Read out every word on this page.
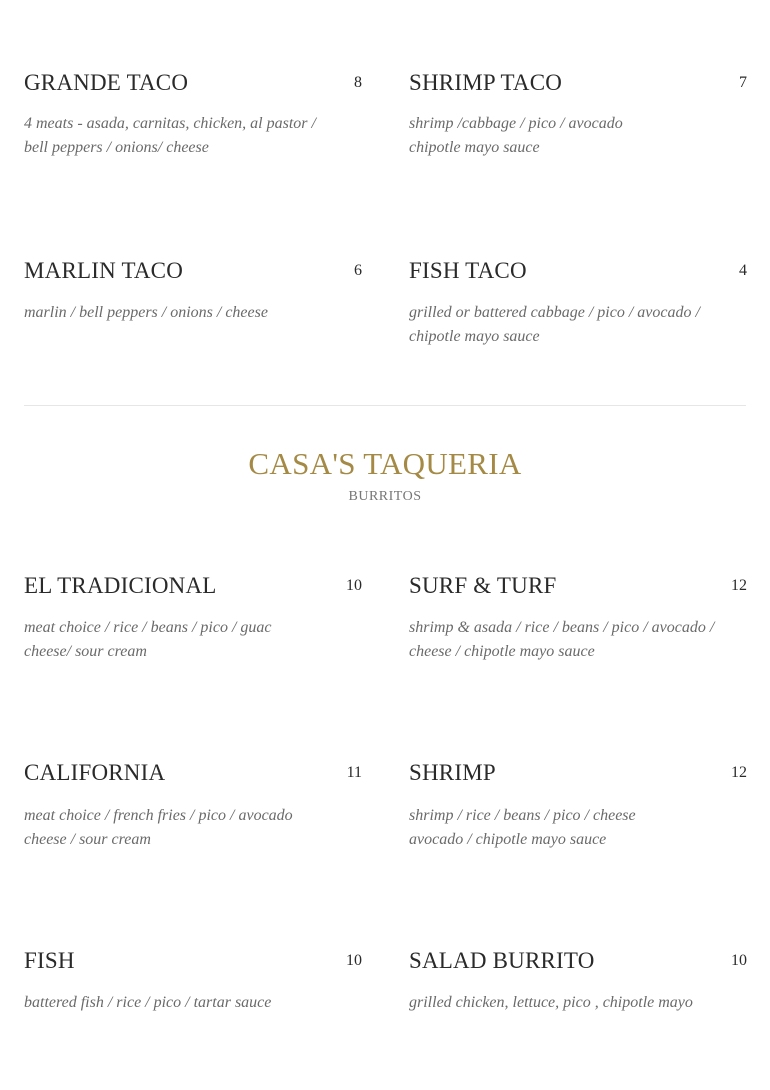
GRANDE TACO	8
4 meats - asada, carnitas, chicken, al pastor /
bell peppers / onions/ cheese
SHRIMP TACO	7
shrimp /cabbage / pico / avocado
chipotle mayo sauce
MARLIN TACO	6
marlin / bell peppers / onions / cheese
FISH TACO	4
grilled or battered cabbage / pico / avocado /
chipotle mayo sauce
CASA'S TAQUERIA
BURRITOS
EL TRADICIONAL	10
meat choice / rice / beans / pico / guac
cheese/ sour cream
SURF & TURF	12
shrimp & asada / rice / beans / pico / avocado /
cheese / chipotle mayo sauce
CALIFORNIA	11
meat choice / french fries / pico / avocado
cheese / sour cream
SHRIMP	12
shrimp / rice / beans / pico / cheese
avocado / chipotle mayo sauce
FISH	10
battered fish / rice / pico / tartar sauce
SALAD BURRITO	10
grilled chicken, lettuce, pico , chipotle mayo
